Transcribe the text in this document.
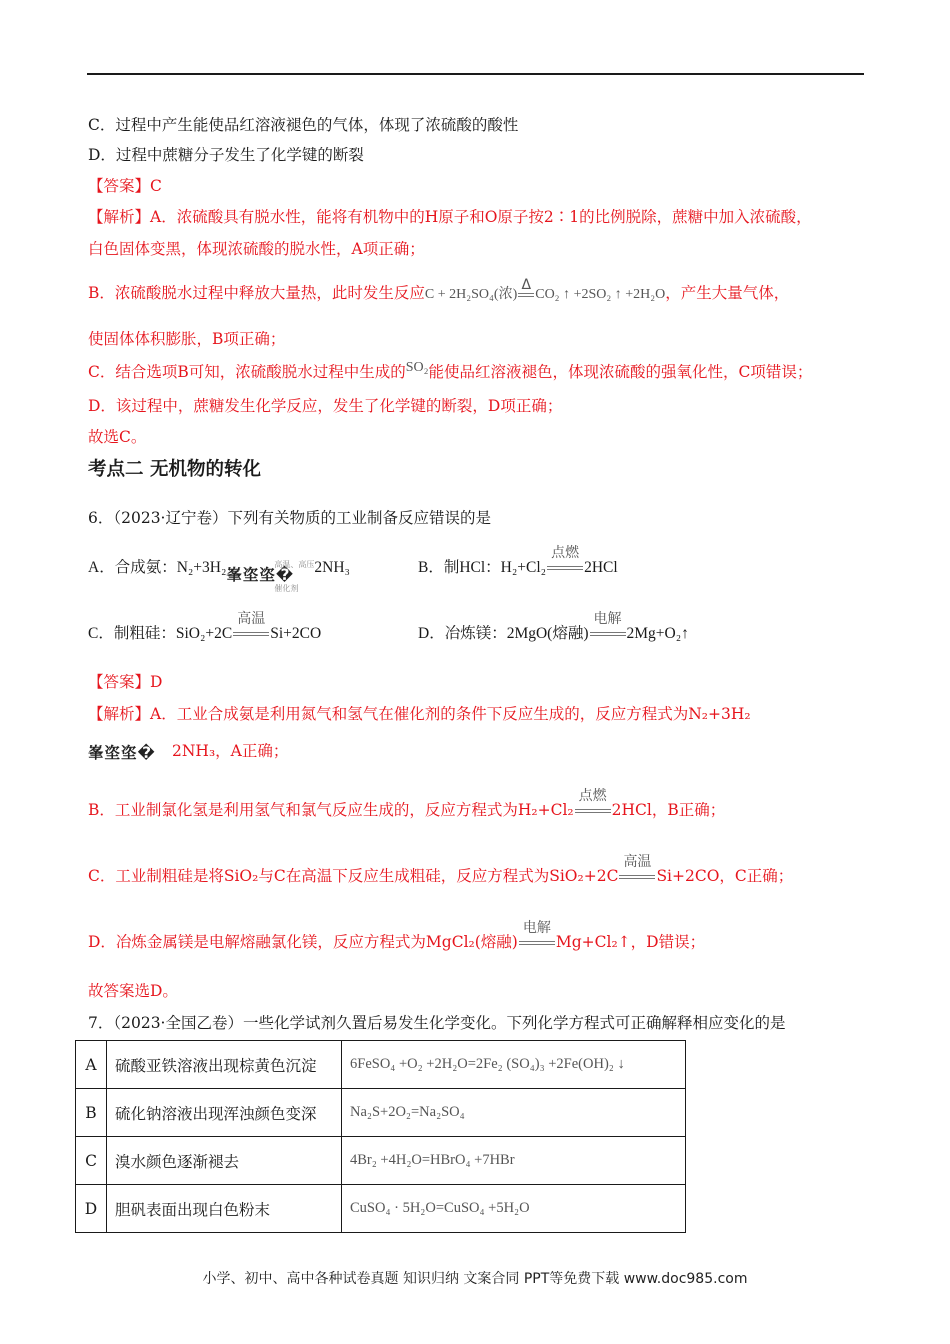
C．过程中产生能使品红溶液褪色的气体，体现了浓硫酸的酸性
D．过程中蔗糖分子发生了化学键的断裂
【答案】C
【解析】A．浓硫酸具有脱水性，能将有机物中的H原子和O原子按2∶1的比例脱除，蔗糖中加入浓硫酸，
白色固体变黑，体现浓硫酸的脱水性，A项正确；
B．浓硫酸脱水过程中释放大量热，此时发生反应C + 2H₂SO₄(浓)
Δ
CO₂ ↑ +2SO₂ ↑ +2H₂O，产生大量气体，
使固体体积膨胀，B项正确；
C．结合选项B可知，浓硫酸脱水过程中生成的SO₂能使品红溶液褪色，体现浓硫酸的强氧化性，C项错误；
D．该过程中，蔗糖发生化学反应，发生了化学键的断裂，D项正确；
故选C。
考点二 无机物的转化
6．（2023·辽宁卷）下列有关物质的工业制备反应错误的是
A．合成氨：N₂+3H₂峯垐垐�
高温、高压
催化剂
2NH₃	B．制HCl：H₂+Cl₂
点燃
2HCl
C．制粗硅：SiO₂+2C
高温
Si+2CO	D．冶炼镁：2MgO(熔融)
电解
2Mg+O₂↑
【答案】D
【解析】A．工业合成氨是利用氮气和氢气在催化剂的条件下反应生成的，反应方程式为N₂+3H₂
峯垐垐� 2NH₃，A正确；
B．工业制氯化氢是利用氢气和氯气反应生成的，反应方程式为H₂+Cl₂
点燃
2HCl，B正确；
C．工业制粗硅是将SiO₂与C在高温下反应生成粗硅，反应方程式为SiO₂+2C
高温
Si+2CO，C正确；
D．冶炼金属镁是电解熔融氯化镁，反应方程式为MgCl₂(熔融)
电解
Mg+Cl₂↑，D错误；
故答案选D。
7．（2023·全国乙卷）一些化学试剂久置后易发生化学变化。下列化学方程式可正确解释相应变化的是
A	硫酸亚铁溶液出现棕黄色沉淀	6FeSO₄ +O₂ +2H₂O=2Fe₂ (SO₄)₃ +2Fe(OH)₂ ↓
B	硫化钠溶液出现浑浊颜色变深	Na₂S+2O₂=Na₂SO₄
C	溴水颜色逐渐褪去	4Br₂ +4H₂O=HBrO₄ +7HBr
D	胆矾表面出现白色粉末	CuSO₄ · 5H₂O=CuSO₄ +5H₂O
小学、初中、高中各种试卷真题 知识归纳 文案合同 PPT等免费下载 www.doc985.com
